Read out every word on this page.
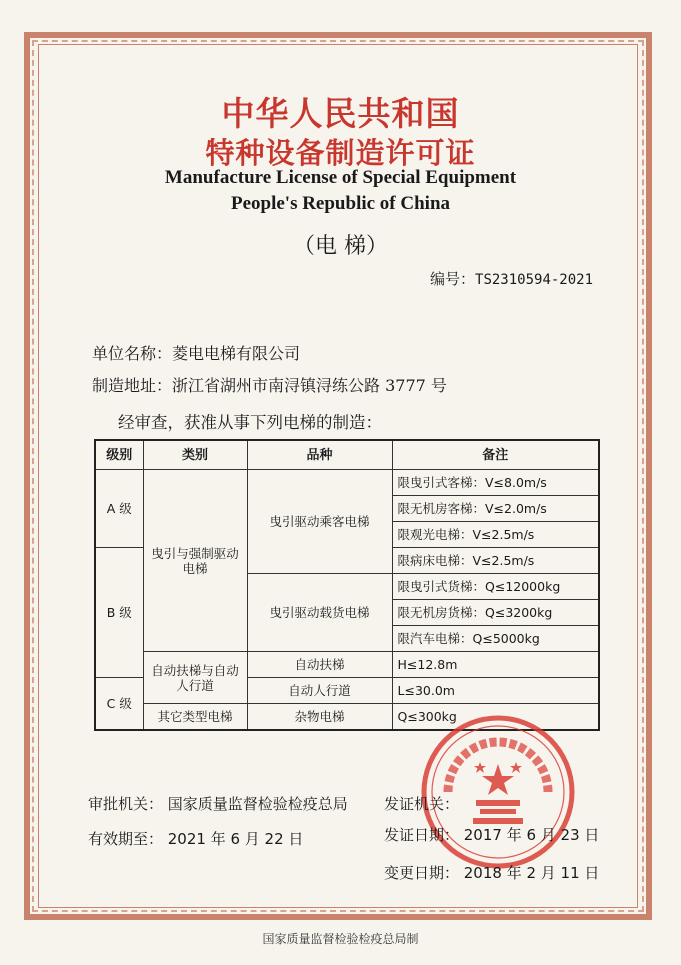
中华人民共和国
特种设备制造许可证
Manufacture License of Special Equipment
People's Republic of China
（电 梯）
编号：TS2310594-2021
单位名称：菱电电梯有限公司
制造地址：浙江省湖州市南浔镇浔练公路 3777 号
经审查，获准从事下列电梯的制造：
级别	类别	品种	备注
A 级	曳引与强制驱动电梯	曳引驱动乘客电梯	限曳引式客梯：V≤8.0m/s
			限无机房客梯：V≤2.0m/s
			限观光电梯：V≤2.5m/s
B 级			限病床电梯：V≤2.5m/s
		曳引驱动载货电梯	限曳引式货梯：Q≤12000kg
			限无机房货梯：Q≤3200kg
			限汽车电梯：Q≤5000kg
	自动扶梯与自动人行道	自动扶梯	H≤12.8m
C 级		自动人行道	L≤30.0m
	其它类型电梯	杂物电梯	Q≤300kg
审批机关： 国家质量监督检验检疫总局
有效期至： 2021 年 6 月 22 日
发证机关：
发证日期： 2017 年 6 月 23 日
变更日期： 2018 年 2 月 11 日
国家质量监督检验检疫总局制
